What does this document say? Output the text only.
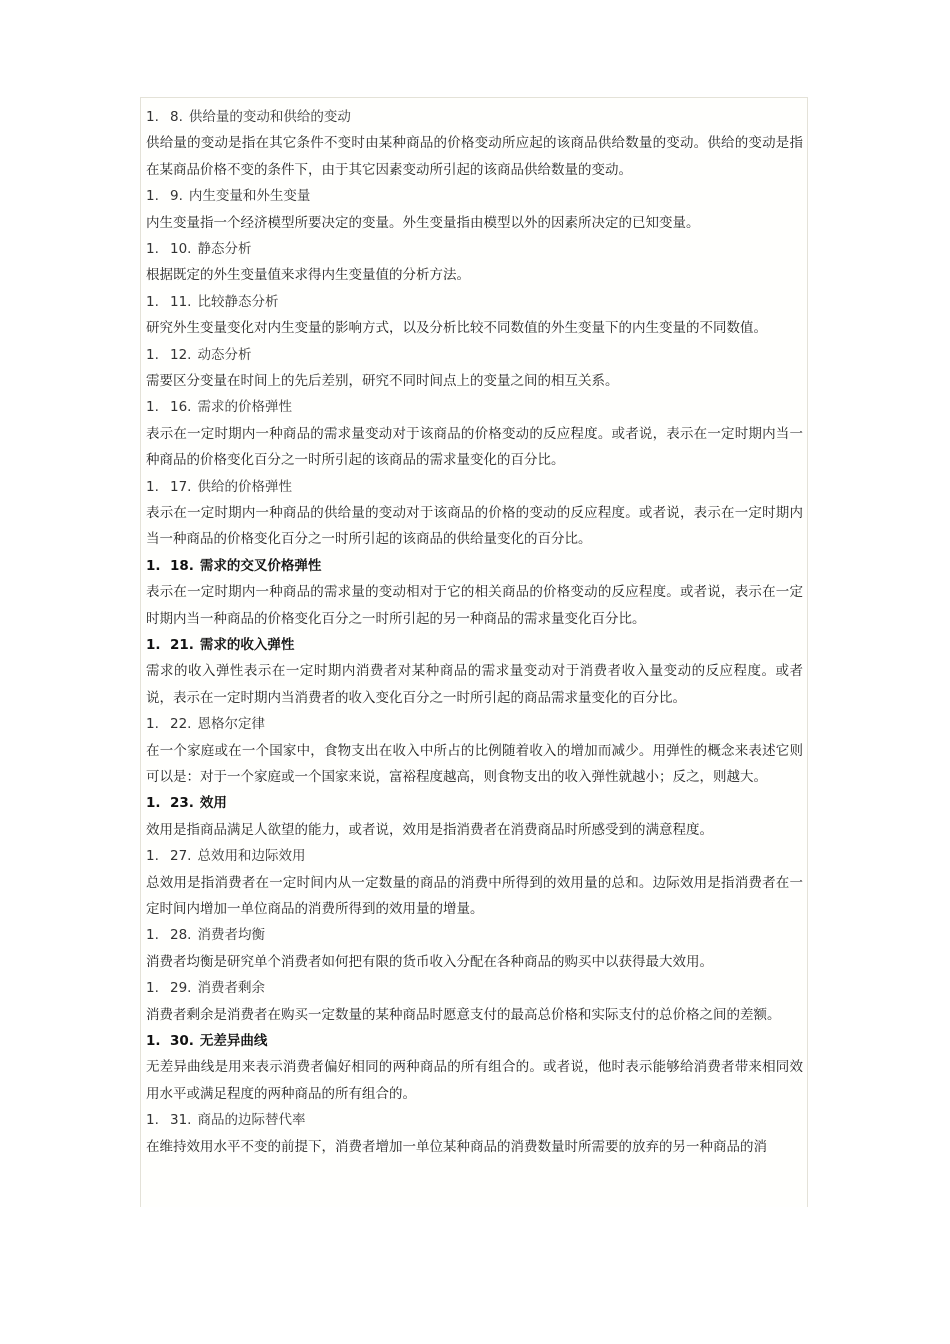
1. 8. 供给量的变动和供给的变动
供给量的变动是指在其它条件不变时由某种商品的价格变动所应起的该商品供给数量的变动。供给的变动是指在某商品价格不变的条件下，由于其它因素变动所引起的该商品供给数量的变动。
1. 9. 内生变量和外生变量
内生变量指一个经济模型所要决定的变量。外生变量指由模型以外的因素所决定的已知变量。
1. 10. 静态分析
根据既定的外生变量值来求得内生变量值的分析方法。
1. 11. 比较静态分析
研究外生变量变化对内生变量的影响方式，以及分析比较不同数值的外生变量下的内生变量的不同数值。
1. 12. 动态分析
需要区分变量在时间上的先后差别，研究不同时间点上的变量之间的相互关系。
1. 16. 需求的价格弹性
表示在一定时期内一种商品的需求量变动对于该商品的价格变动的反应程度。或者说，表示在一定时期内当一种商品的价格变化百分之一时所引起的该商品的需求量变化的百分比。
1. 17. 供给的价格弹性
表示在一定时期内一种商品的供给量的变动对于该商品的价格的变动的反应程度。或者说，表示在一定时期内当一种商品的价格变化百分之一时所引起的该商品的供给量变化的百分比。
1. 18. 需求的交叉价格弹性
表示在一定时期内一种商品的需求量的变动相对于它的相关商品的价格变动的反应程度。或者说，表示在一定时期内当一种商品的价格变化百分之一时所引起的另一种商品的需求量变化百分比。
1. 21. 需求的收入弹性
需求的收入弹性表示在一定时期内消费者对某种商品的需求量变动对于消费者收入量变动的反应程度。或者说，表示在一定时期内当消费者的收入变化百分之一时所引起的商品需求量变化的百分比。
1. 22. 恩格尔定律
在一个家庭或在一个国家中，食物支出在收入中所占的比例随着收入的增加而减少。用弹性的概念来表述它则可以是：对于一个家庭或一个国家来说，富裕程度越高，则食物支出的收入弹性就越小；反之，则越大。
1. 23. 效用
效用是指商品满足人欲望的能力，或者说，效用是指消费者在消费商品时所感受到的满意程度。
1. 27. 总效用和边际效用
总效用是指消费者在一定时间内从一定数量的商品的消费中所得到的效用量的总和。边际效用是指消费者在一定时间内增加一单位商品的消费所得到的效用量的增量。
1. 28. 消费者均衡
消费者均衡是研究单个消费者如何把有限的货币收入分配在各种商品的购买中以获得最大效用。
1. 29. 消费者剩余
消费者剩余是消费者在购买一定数量的某种商品时愿意支付的最高总价格和实际支付的总价格之间的差额。
1. 30. 无差异曲线
无差异曲线是用来表示消费者偏好相同的两种商品的所有组合的。或者说，他时表示能够给消费者带来相同效用水平或满足程度的两种商品的所有组合的。
1. 31. 商品的边际替代率
在维持效用水平不变的前提下，消费者增加一单位某种商品的消费数量时所需要的放弃的另一种商品的消
